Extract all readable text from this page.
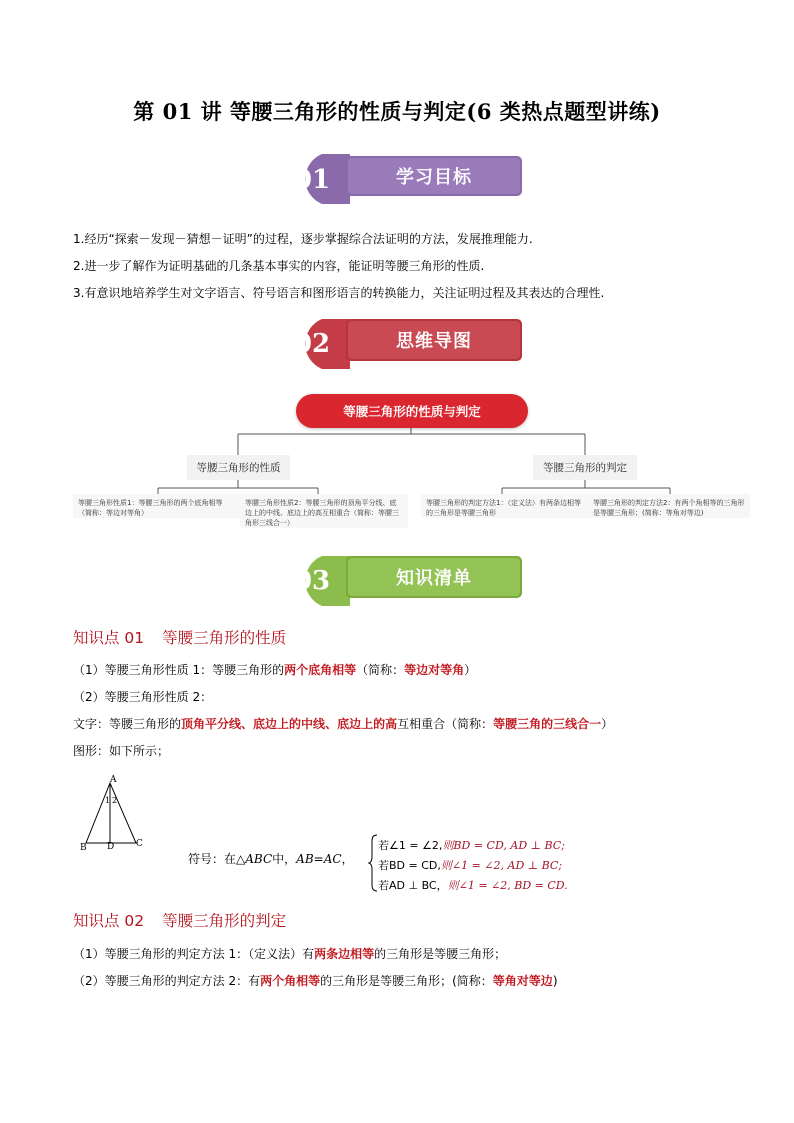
第 01 讲 等腰三角形的性质与判定(6 类热点题型讲练)
01	学习目标
1.经历“探索－发现－猜想－证明”的过程，逐步掌握综合法证明的方法，发展推理能力.
2.进一步了解作为证明基础的几条基本事实的内容，能证明等腰三角形的性质.
3.有意识地培养学生对文字语言、符号语言和图形语言的转换能力，关注证明过程及其表达的合理性.
02	思维导图
等腰三角形的性质与判定
等腰三角形的性质	等腰三角形的判定
等腰三角形性质1：等腰三角形的两个底角相等（简称：等边对等角）
等腰三角形性质2：等腰三角形的顶角平分线、底边上的中线、底边上的高互相重合（简称：等腰三角形三线合一）
等腰三角形的判定方法1：（定义法）有两条边相等的三角形是等腰三角形
等腰三角形的判定方法2：有两个角相等的三角形是等腰三角形；(简称：等角对等边)
03	知识清单
知识点 01 等腰三角形的性质
（1）等腰三角形性质 1：等腰三角形的两个底角相等（简称：等边对等角）
（2）等腰三角形性质 2：
文字：等腰三角形的顶角平分线、底边上的中线、底边上的高互相重合（简称：等腰三角的三线合一）
图形：如下所示；
A
1 2
B D C
符号：在△ABC中，AB=AC，
若∠1 = ∠2,则BD = CD, AD ⊥ BC;
若BD = CD,则∠1 = ∠2, AD ⊥ BC;
若AD ⊥ BC，则∠1 = ∠2, BD = CD.
知识点 02 等腰三角形的判定
（1）等腰三角形的判定方法 1：（定义法）有两条边相等的三角形是等腰三角形；
（2）等腰三角形的判定方法 2：有两个角相等的三角形是等腰三角形；(简称：等角对等边)
